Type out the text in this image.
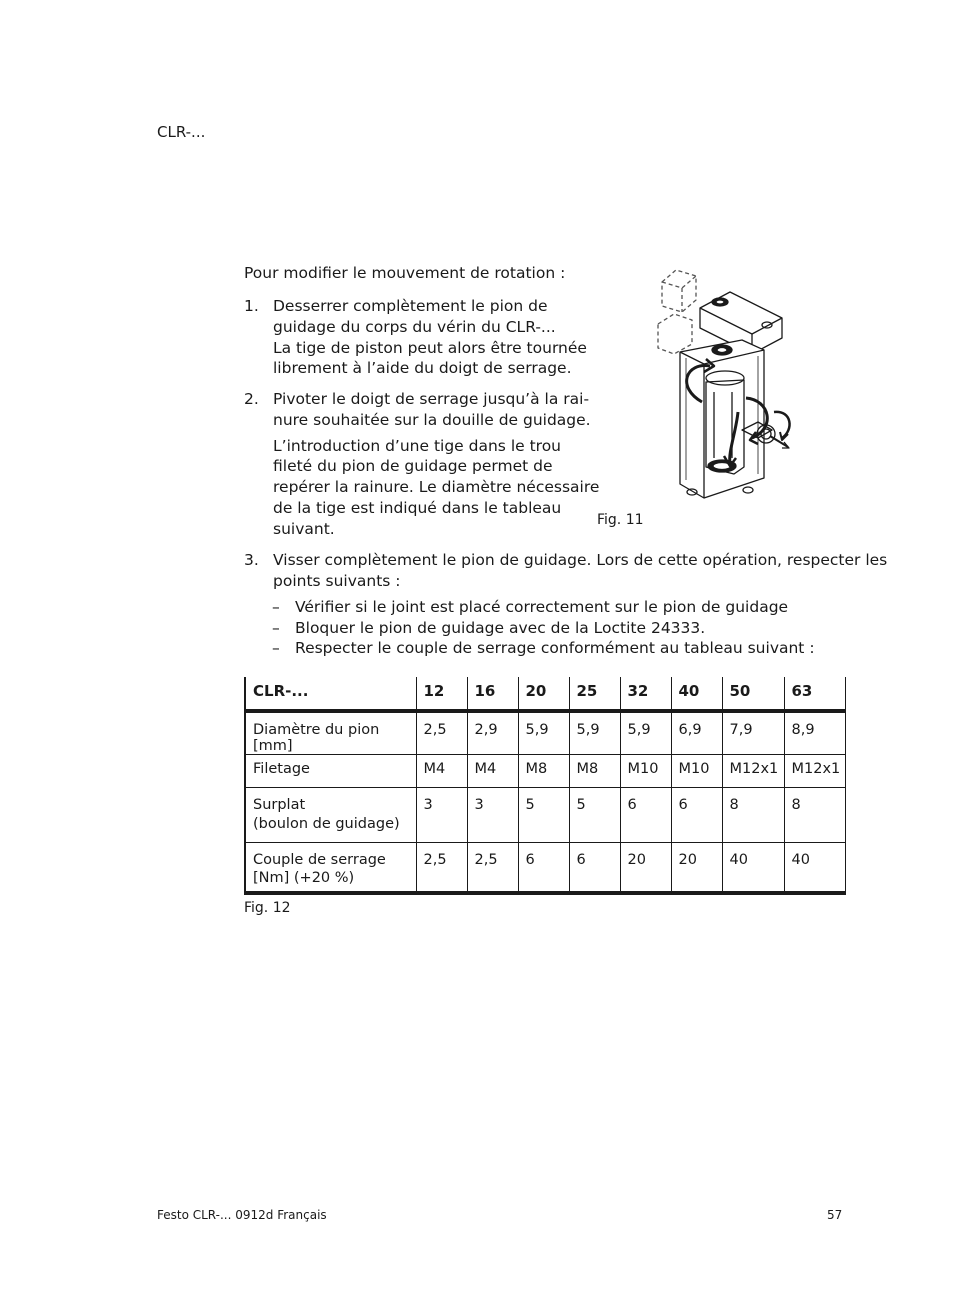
CLR-...
Pour modifier le mouvement de rotation :
1. Desserrer complètement le pion de
guidage du corps du vérin du CLR-...
La tige de piston peut alors être tournée
librement à l’aide du doigt de serrage.
2. Pivoter le doigt de serrage jusqu’à la rai-
nure souhaitée sur la douille de guidage.
L’introduction d’une tige dans le trou
fileté du pion de guidage permet de
repérer la rainure. Le diamètre nécessaire
de la tige est indiqué dans le tableau
suivant.
3. Visser complètement le pion de guidage. Lors de cette opération, respecter les
points suivants :
– Vérifier si le joint est placé correctement sur le pion de guidage
– Bloquer le pion de guidage avec de la Loctite 24333.
– Respecter le couple de serrage conformément au tableau suivant :
Fig. 11
CLR-...	12	16	20	25	32	40	50	63
Diamètre du pion [mm]	2,5	2,9	5,9	5,9	5,9	6,9	7,9	8,9
Filetage	M4	M4	M8	M8	M10	M10	M12x1	M12x1

Surplat
(boulon de guidage)	3	3	5	5	6	6	8	8

Couple de serrage
[Nm] (+20 %)	2,5	2,5	6	6	20	20	40	40
Fig. 12
Festo CLR-... 0912d Français	57
